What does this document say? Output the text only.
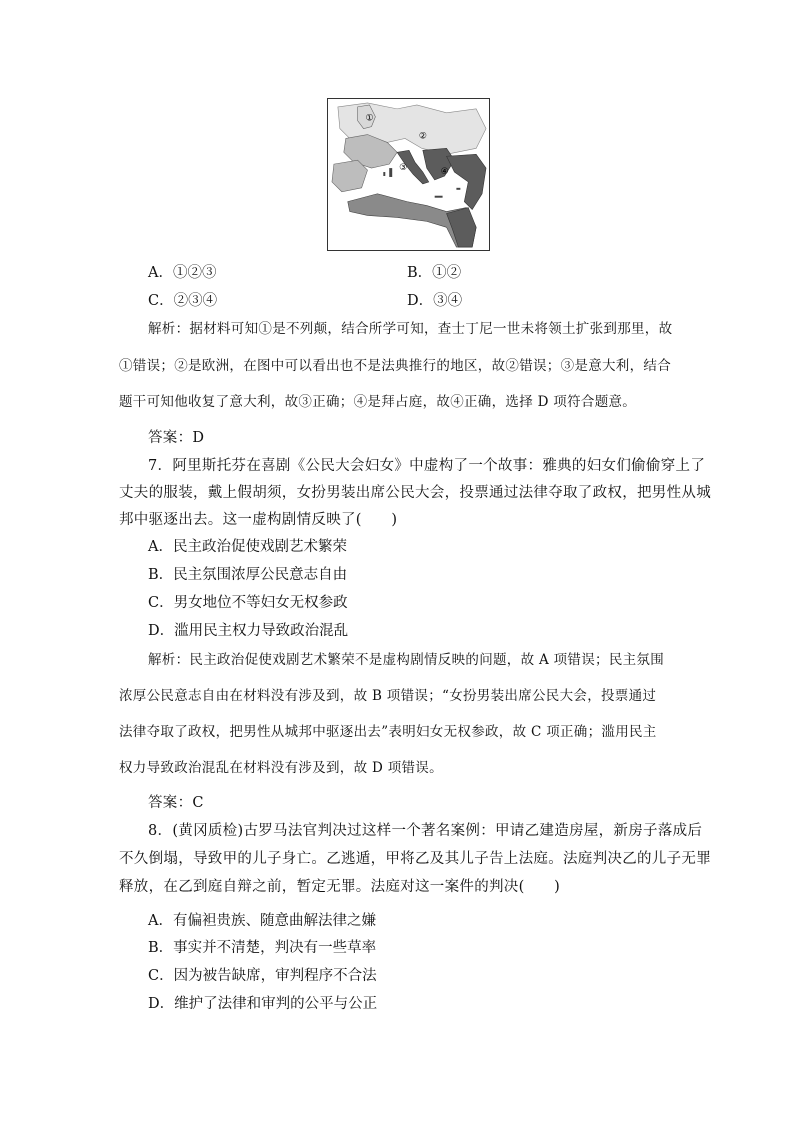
①
②
③	④
A．①②③	B．①②
C．②③④	D．③④
解析：据材料可知①是不列颠，结合所学可知，查士丁尼一世未将领土扩张到那里，故
①错误；②是欧洲，在图中可以看出也不是法典推行的地区，故②错误；③是意大利，结合
题干可知他收复了意大利，故③正确；④是拜占庭，故④正确，选择 D 项符合题意。
答案：D
7．阿里斯托芬在喜剧《公民大会妇女》中虚构了一个故事：雅典的妇女们偷偷穿上了
丈夫的服装，戴上假胡须，女扮男装出席公民大会，投票通过法律夺取了政权，把男性从城
邦中驱逐出去。这一虚构剧情反映了(　　)
A．民主政治促使戏剧艺术繁荣
B．民主氛围浓厚公民意志自由
C．男女地位不等妇女无权参政
D．滥用民主权力导致政治混乱
解析：民主政治促使戏剧艺术繁荣不是虚构剧情反映的问题，故 A 项错误；民主氛围
浓厚公民意志自由在材料没有涉及到，故 B 项错误；“女扮男装出席公民大会，投票通过
法律夺取了政权，把男性从城邦中驱逐出去”表明妇女无权参政，故 C 项正确；滥用民主
权力导致政治混乱在材料没有涉及到，故 D 项错误。
答案：C
8．(黄冈质检)古罗马法官判决过这样一个著名案例：甲请乙建造房屋，新房子落成后
不久倒塌，导致甲的儿子身亡。乙逃遁，甲将乙及其儿子告上法庭。法庭判决乙的儿子无罪
释放，在乙到庭自辩之前，暂定无罪。法庭对这一案件的判决(　　)
A．有偏袒贵族、随意曲解法律之嫌
B．事实并不清楚，判决有一些草率
C．因为被告缺席，审判程序不合法
D．维护了法律和审判的公平与公正
